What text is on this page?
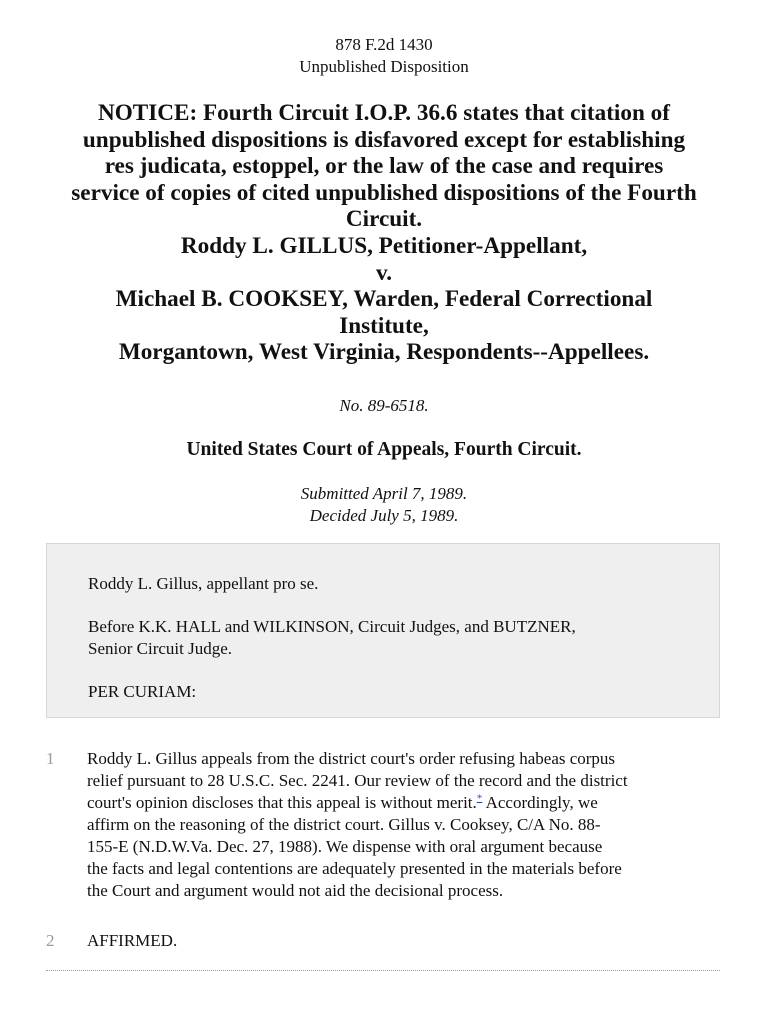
878 F.2d 1430
Unpublished Disposition
NOTICE: Fourth Circuit I.O.P. 36.6 states that citation of
unpublished dispositions is disfavored except for establishing
res judicata, estoppel, or the law of the case and requires
service of copies of cited unpublished dispositions of the Fourth
Circuit.
Roddy L. GILLUS, Petitioner-Appellant,
v.
Michael B. COOKSEY, Warden, Federal Correctional
Institute,
Morgantown, West Virginia, Respondents--Appellees.
No. 89-6518.
United States Court of Appeals, Fourth Circuit.
Submitted April 7, 1989.
Decided July 5, 1989.
Roddy L. Gillus, appellant pro se.
Before K.K. HALL and WILKINSON, Circuit Judges, and BUTZNER,
Senior Circuit Judge.
PER CURIAM:
1	Roddy L. Gillus appeals from the district court's order refusing habeas corpus
relief pursuant to 28 U.S.C. Sec. 2241. Our review of the record and the district
court's opinion discloses that this appeal is without merit.* Accordingly, we
affirm on the reasoning of the district court. Gillus v. Cooksey, C/A No. 88-
155-E (N.D.W.Va. Dec. 27, 1988). We dispense with oral argument because
the facts and legal contentions are adequately presented in the materials before
the Court and argument would not aid the decisional process.
2	AFFIRMED.
